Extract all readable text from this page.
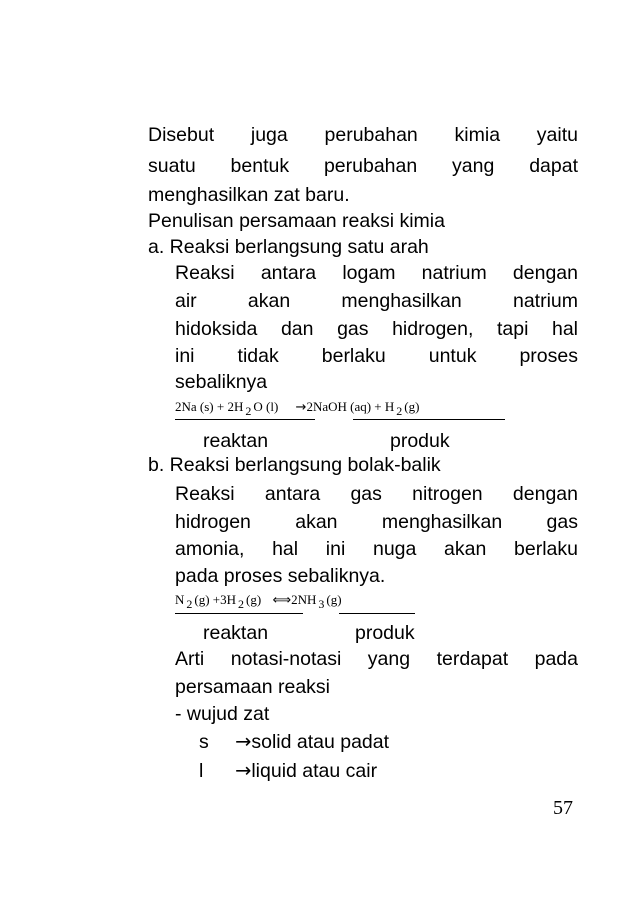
Disebut juga perubahan kimia yaitu
suatu bentuk perubahan yang dapat
menghasilkan zat baru.
Penulisan persamaan reaksi kimia
a. Reaksi berlangsung satu arah
Reaksi antara logam natrium dengan
air akan menghasilkan natrium
hidoksida dan gas hidrogen, tapi hal
ini tidak berlaku untuk proses
sebaliknya
2Na (s) + 2H $_2$ O (l) →2NaOH (aq) + H $_2$ (g)
reaktan	produk
b. Reaksi berlangsung bolak-balik
Reaksi antara gas nitrogen dengan
hidrogen akan menghasilkan gas
amonia, hal ini nuga akan berlaku
pada proses sebaliknya.
N $_2$ (g) +3H $_2$ (g) ⟺2NH $_3$ (g)
reaktan	produk
Arti notasi-notasi yang terdapat pada
persamaan reaksi
- wujud zat
s →solid atau padat
l →liquid atau cair
57
